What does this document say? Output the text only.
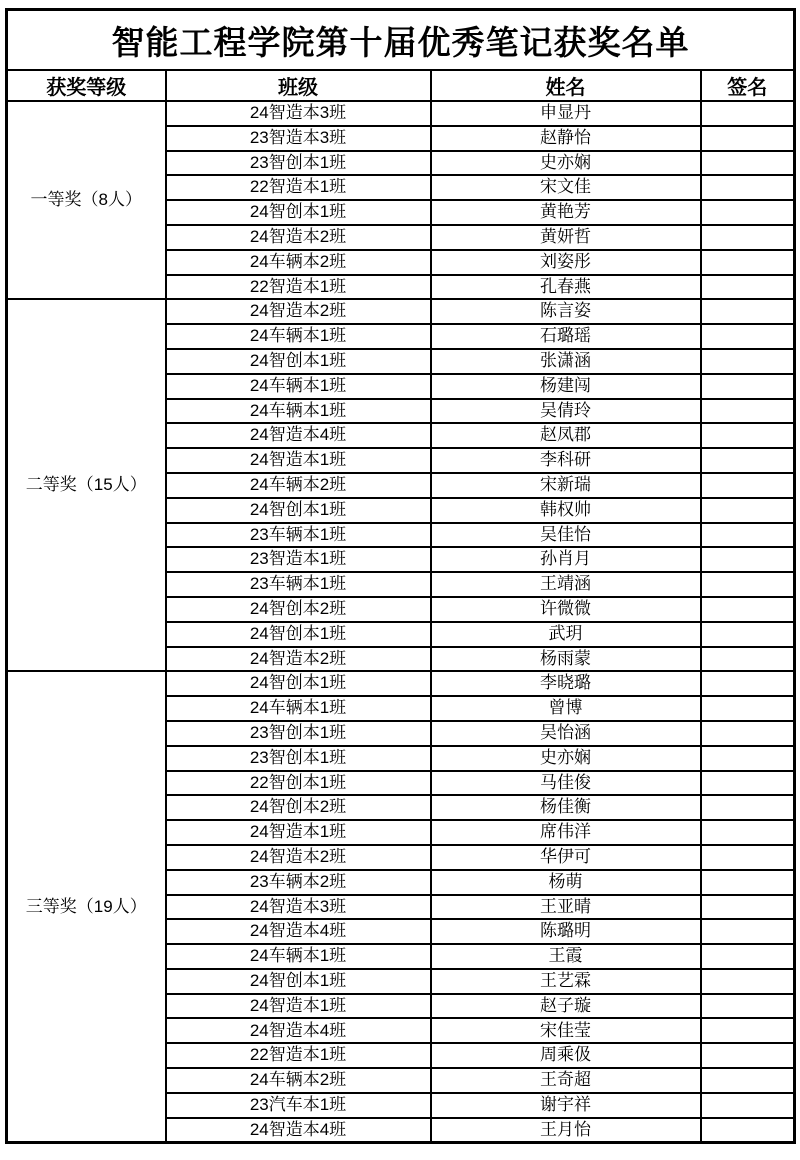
智能工程学院第十届优秀笔记获奖名单			
获奖等级	班级	姓名	签名
一等奖（8人）	24智造本3班	申显丹	
	23智造本3班	赵静怡	
	23智创本1班	史亦娴	
	22智造本1班	宋文佳	
	24智创本1班	黄艳芳	
	24智造本2班	黄妍哲	
	24车辆本2班	刘姿彤	
	22智造本1班	孔春燕	
二等奖（15人）	24智造本2班	陈言姿	
	24车辆本1班	石璐瑶	
	24智创本1班	张潇涵	
	24车辆本1班	杨建闯	
	24车辆本1班	吴倩玲	
	24智造本4班	赵凤郡	
	24智造本1班	李科研	
	24车辆本2班	宋新瑞	
	24智创本1班	韩权帅	
	23车辆本1班	吴佳怡	
	23智造本1班	孙肖月	
	23车辆本1班	王靖涵	
	24智创本2班	许微微	
	24智创本1班	武玥	
	24智造本2班	杨雨蒙	
三等奖（19人）	24智创本1班	李晓璐	
	24车辆本1班	曾博	
	23智创本1班	吴怡涵	
	23智创本1班	史亦娴	
	22智创本1班	马佳俊	
	24智创本2班	杨佳衡	
	24智造本1班	席伟洋	
	24智造本2班	华伊可	
	23车辆本2班	杨萌	
	24智造本3班	王亚晴	
	24智造本4班	陈璐明	
	24车辆本1班	王霞	
	24智创本1班	王艺霖	
	24智造本1班	赵子璇	
	24智造本4班	宋佳莹	
	22智造本1班	周乘伋	
	24车辆本2班	王奇超	
	23汽车本1班	谢宇祥	
	24智造本4班	王月怡	
